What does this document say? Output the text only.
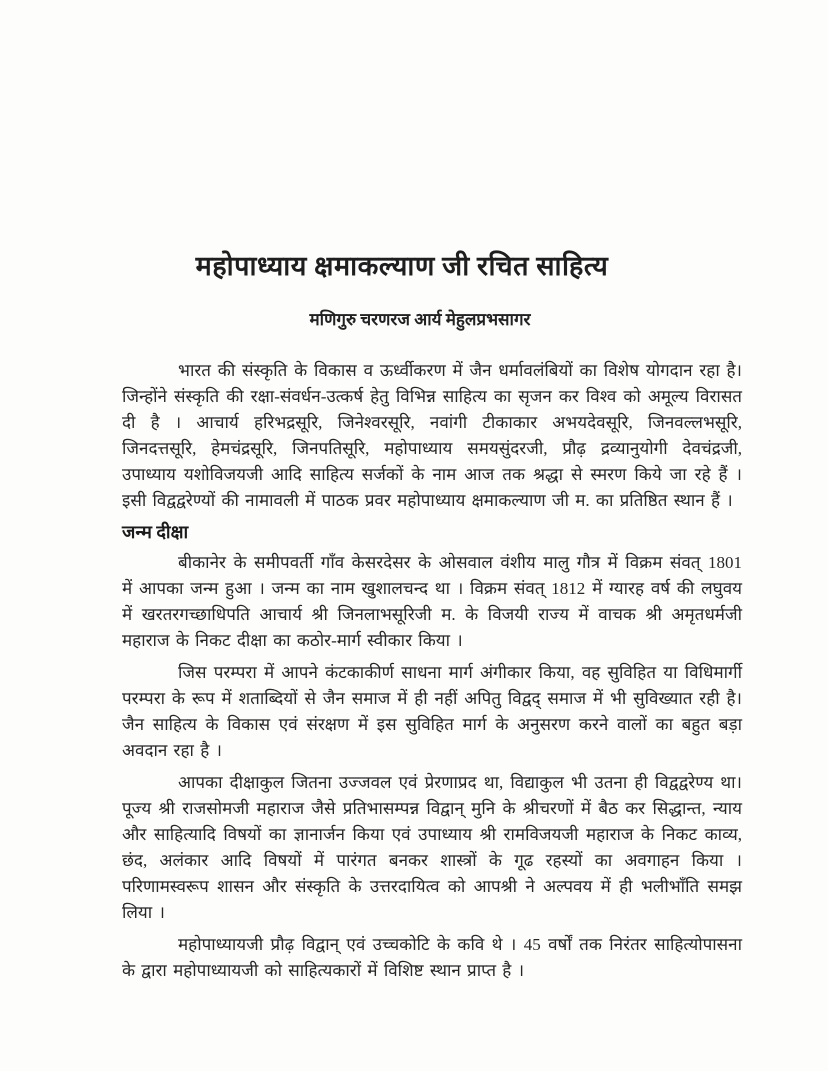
महोपाध्याय क्षमाकल्याण जी रचित साहित्य
मणिगुरु चरणरज आर्य मेहुलप्रभसागर

भारत की संस्कृति के विकास व ऊर्ध्वीकरण में जैन धर्मावलंबियों का विशेष योगदान रहा है। जिन्होंने संस्कृति की रक्षा-संवर्धन-उत्कर्ष हेतु विभिन्न साहित्य का सृजन कर विश्व को अमूल्य विरासत दी है । आचार्य हरिभद्रसूरि, जिनेश्वरसूरि, नवांगी टीकाकार अभयदेवसूरि, जिनवल्लभसूरि, जिनदत्तसूरि, हेमचंद्रसूरि, जिनपतिसूरि, महोपाध्याय समयसुंदरजी, प्रौढ़ द्रव्यानुयोगी देवचंद्रजी, उपाध्याय यशोविजयजी आदि साहित्य सर्जकों के नाम आज तक श्रद्धा से स्मरण किये जा रहे हैं । इसी विद्वद्वरेण्यों की नामावली में पाठक प्रवर महोपाध्याय क्षमाकल्याण जी म. का प्रतिष्ठित स्थान हैं ।

जन्म दीक्षा

बीकानेर के समीपवर्ती गाँव केसरदेसर के ओसवाल वंशीय मालु गौत्र में विक्रम संवत् 1801 में आपका जन्म हुआ । जन्म का नाम खुशालचन्द था । विक्रम संवत् 1812 में ग्यारह वर्ष की लघुवय में खरतरगच्छाधिपति आचार्य श्री जिनलाभसूरिजी म. के विजयी राज्य में वाचक श्री अमृतधर्मजी महाराज के निकट दीक्षा का कठोर-मार्ग स्वीकार किया ।

जिस परम्परा में आपने कंटकाकीर्ण साधना मार्ग अंगीकार किया, वह सुविहित या विधिमार्गी परम्परा के रूप में शताब्दियों से जैन समाज में ही नहीं अपितु विद्वद् समाज में भी सुविख्यात रही है। जैन साहित्य के विकास एवं संरक्षण में इस सुविहित मार्ग के अनुसरण करने वालों का बहुत बड़ा अवदान रहा है ।

आपका दीक्षाकुल जितना उज्जवल एवं प्रेरणाप्रद था, विद्याकुल भी उतना ही विद्वद्वरेण्य था। पूज्य श्री राजसोमजी महाराज जैसे प्रतिभासम्पन्न विद्वान् मुनि के श्रीचरणों में बैठ कर सिद्धान्त, न्याय और साहित्यादि विषयों का ज्ञानार्जन किया एवं उपाध्याय श्री रामविजयजी महाराज के निकट काव्य, छंद, अलंकार आदि विषयों में पारंगत बनकर शास्त्रों के गूढ रहस्यों का अवगाहन किया । परिणामस्वरूप शासन और संस्कृति के उत्तरदायित्व को आपश्री ने अल्पवय में ही भलीभाँति समझ लिया ।

महोपाध्यायजी प्रौढ़ विद्वान् एवं उच्चकोटि के कवि थे । 45 वर्षों तक निरंतर साहित्योपासना के द्वारा महोपाध्यायजी को साहित्यकारों में विशिष्ट स्थान प्राप्त है ।
